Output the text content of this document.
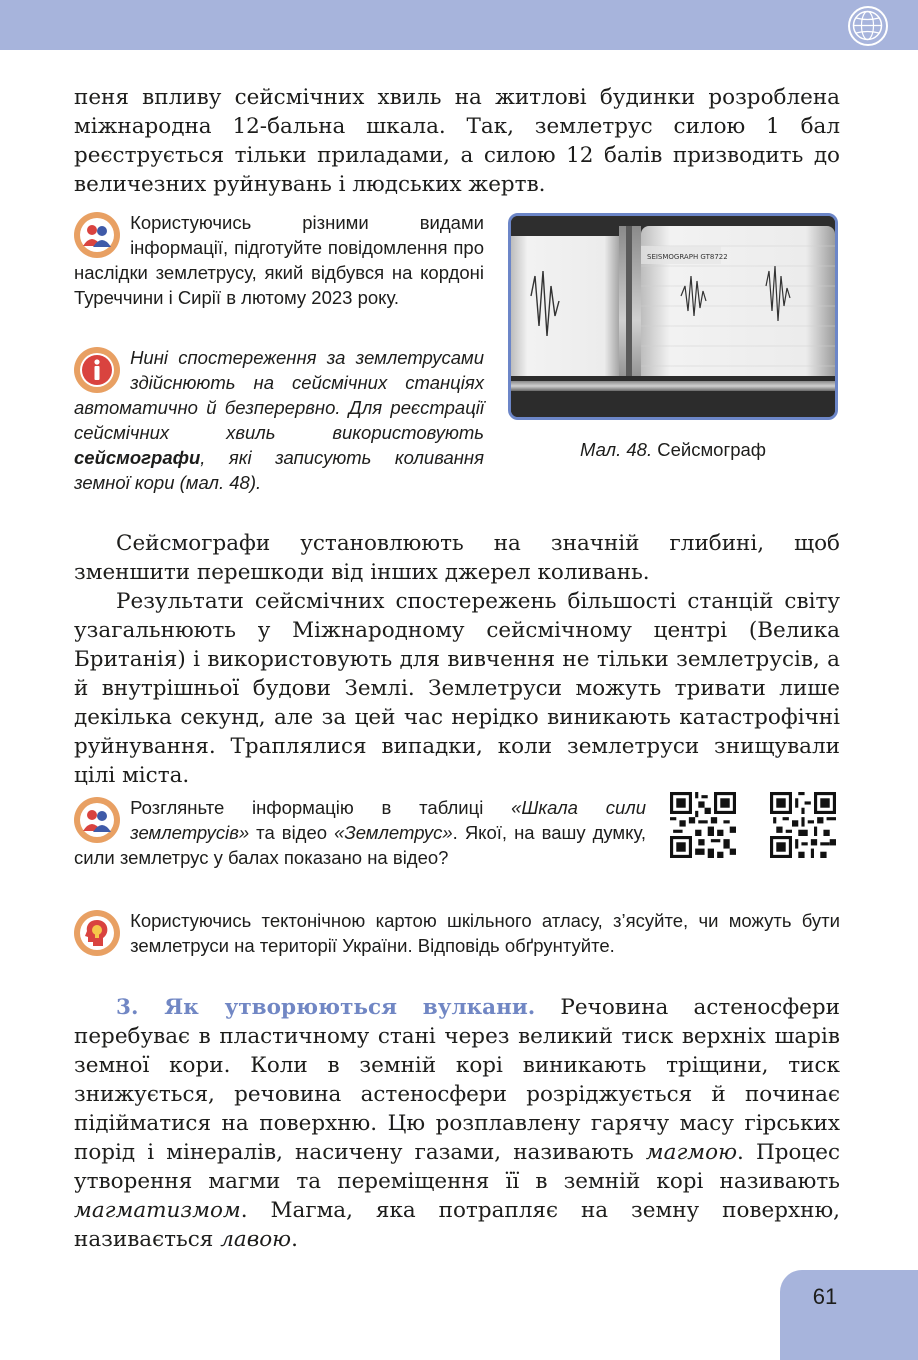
пеня впливу сейсмічних хвиль на житлові будинки розроблена міжнародна 12-бальна шкала. Так, землетрус силою 1 бал реєструється тільки приладами, а силою 12 балів призводить до величезних руйнувань і людських жертв.
Користуючись різними видами інформації, підготуйте повідомлення про наслідки землетрусу, який відбувся на кордоні Туреччини і Сирії в лютому 2023 року.
Нині спостереження за землетрусами здійснюють на сейсмічних станціях автоматично й безперервно. Для реєстрації сейсмічних хвиль використовують сейсмографи, які записують коливання земної кори (мал. 48).
SEISMOGRAPH GT8722
Мал. 48. Сейсмограф
Сейсмографи установлюють на значній глибині, щоб зменшити перешкоди від інших джерел коливань.
Результати сейсмічних спостережень більшості станцій світу узагальнюють у Міжнародному сейсмічному центрі (Велика Британія) і використовують для вивчення не тільки землетрусів, а й внутрішньої будови Землі. Землетруси можуть тривати лише декілька секунд, але за цей час нерідко виникають катастрофічні руйнування. Траплялися випадки, коли землетруси знищували цілі міста.
Розгляньте інформацію в таблиці «Шкала сили землетрусів» та відео «Землетрус». Якої, на вашу думку, сили землетрус у балах показано на відео?
Користуючись тектонічною картою шкільного атласу, з’ясуйте, чи можуть бути землетруси на території України. Відповідь обґрунтуйте.
3. Як утворюються вулкани. Речовина астеносфери перебуває в пластичному стані через великий тиск верхніх шарів земної кори. Коли в земній корі виникають тріщини, тиск знижується, речовина астеносфери розріджується й починає підійматися на поверхню. Цю розплавлену гарячу масу гірських порід і мінералів, насичену газами, називають магмою. Процес утворення магми та переміщення її в земній корі називають магматизмом. Магма, яка потрапляє на земну поверхню, називається лавою.
61
